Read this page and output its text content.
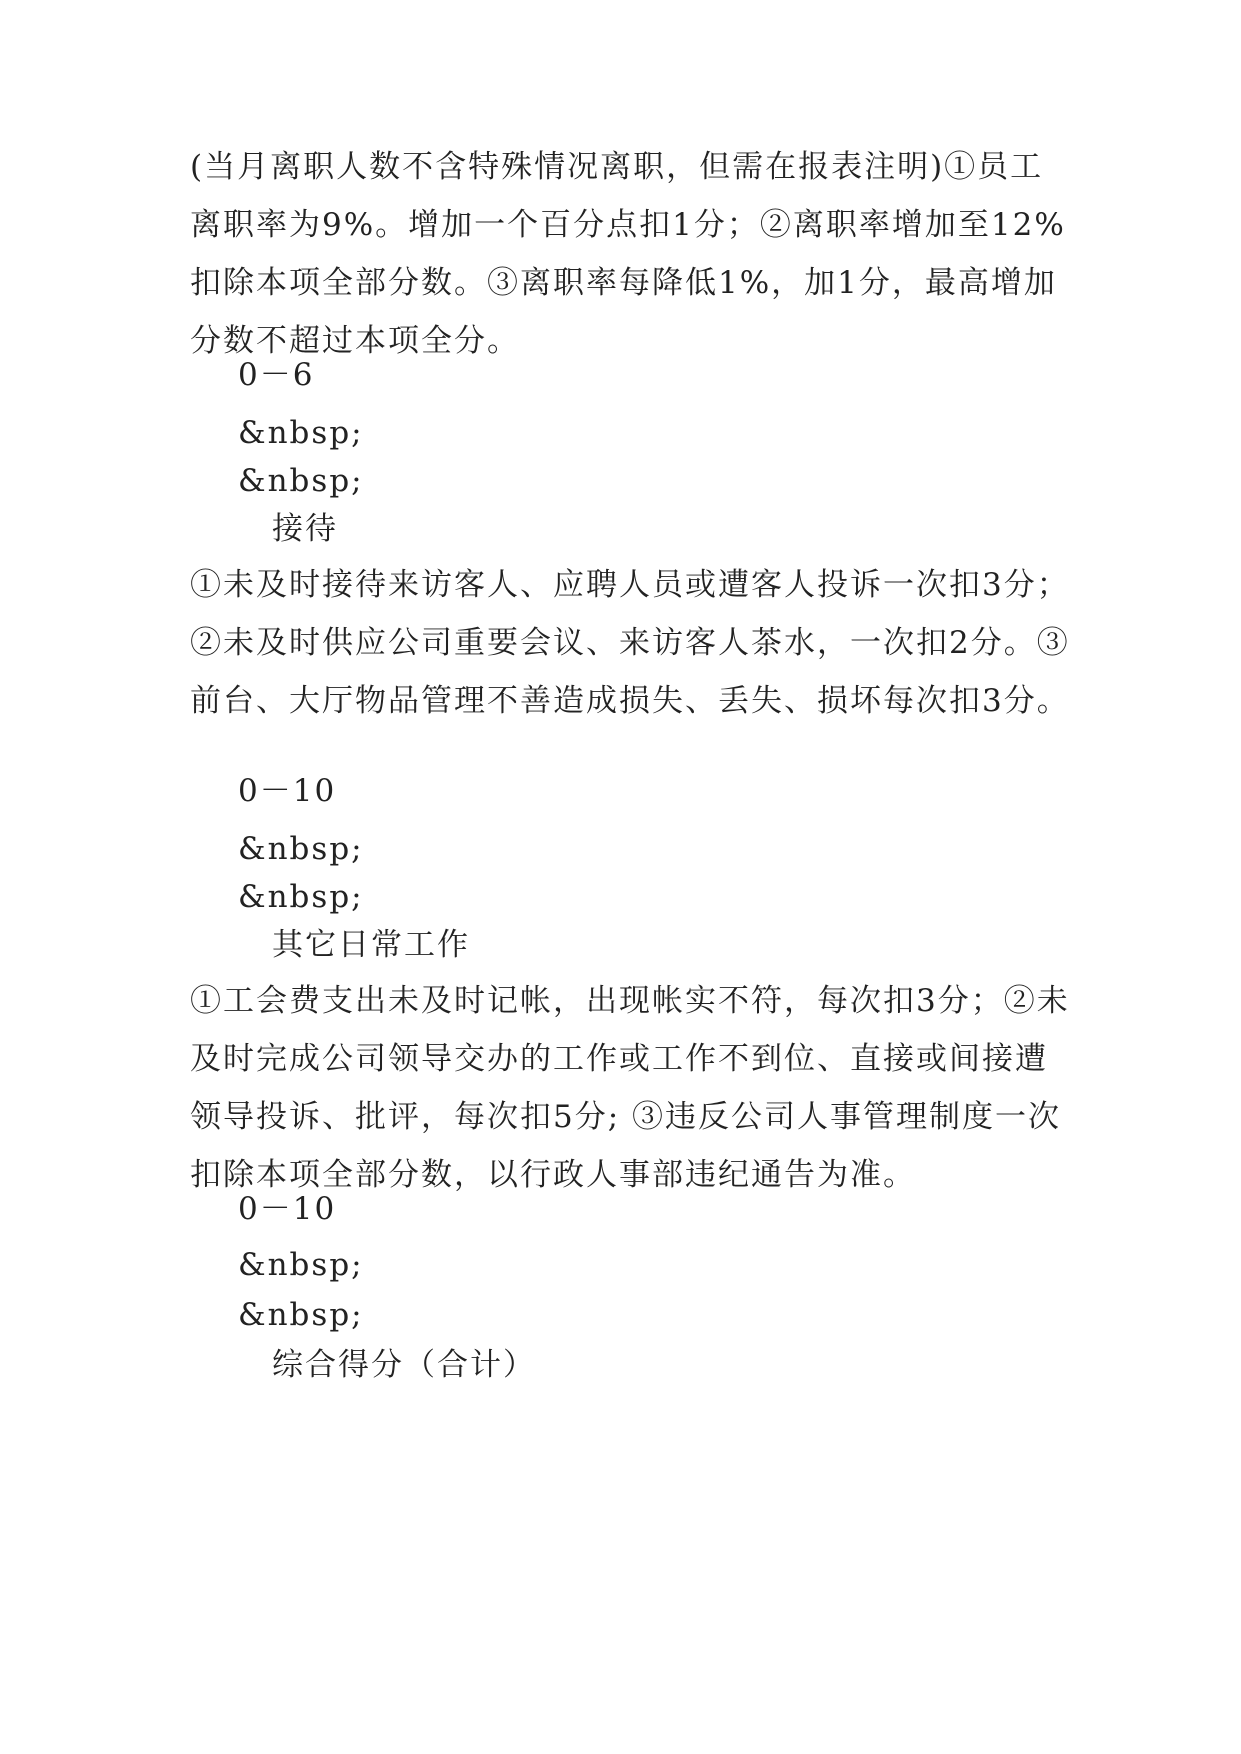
(当月离职人数不含特殊情况离职，但需在报表注明)①员工离职率为9%。增加一个百分点扣1分；②离职率增加至12%扣除本项全部分数。③离职率每降低1%，加1分，最高增加分数不超过本项全分。
0－6
&nbsp;
&nbsp;
接待
①未及时接待来访客人、应聘人员或遭客人投诉一次扣3分；②未及时供应公司重要会议、来访客人茶水，一次扣2分。③前台、大厅物品管理不善造成损失、丢失、损坏每次扣3分。
0－10
&nbsp;
&nbsp;
其它日常工作
①工会费支出未及时记帐，出现帐实不符，每次扣3分；②未及时完成公司领导交办的工作或工作不到位、直接或间接遭领导投诉、批评，每次扣5分; ③违反公司人事管理制度一次扣除本项全部分数，以行政人事部违纪通告为准。
0－10
&nbsp;
&nbsp;
综合得分（合计）
